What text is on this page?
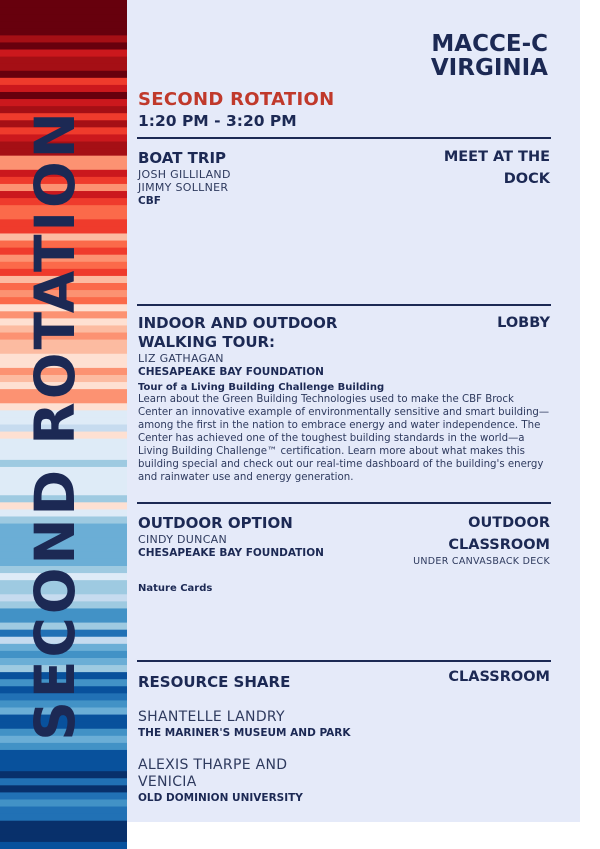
SECOND ROTATION
MACCE-C
VIRGINIA
SECOND ROTATION
1:20 PM - 3:20 PM
BOAT TRIP
JOSH GILLILAND
JIMMY SOLLNER
CBF
MEET AT THE
DOCK
INDOOR AND OUTDOOR
WALKING TOUR:
LIZ GATHAGAN
CHESAPEAKE BAY FOUNDATION
Tour of a Living Building Challenge Building
Learn about the Green Building Technologies used to make the CBF Brock Center an innovative example of environmentally sensitive and smart building—among the first in the nation to embrace energy and water independence. The Center has achieved one of the toughest building standards in the world—a Living Building Challenge™ certification. Learn more about what makes this building special and check out our real-time dashboard of the building's energy and rainwater use and energy generation.
LOBBY
OUTDOOR OPTION
CINDY DUNCAN
CHESAPEAKE BAY FOUNDATION
OUTDOOR
CLASSROOM
UNDER CANVASBACK DECK
Nature Cards
RESOURCE SHARE	CLASSROOM
SHANTELLE LANDRY
THE MARINER'S MUSEUM AND PARK
ALEXIS THARPE AND
VENICIA
OLD DOMINION UNIVERSITY
